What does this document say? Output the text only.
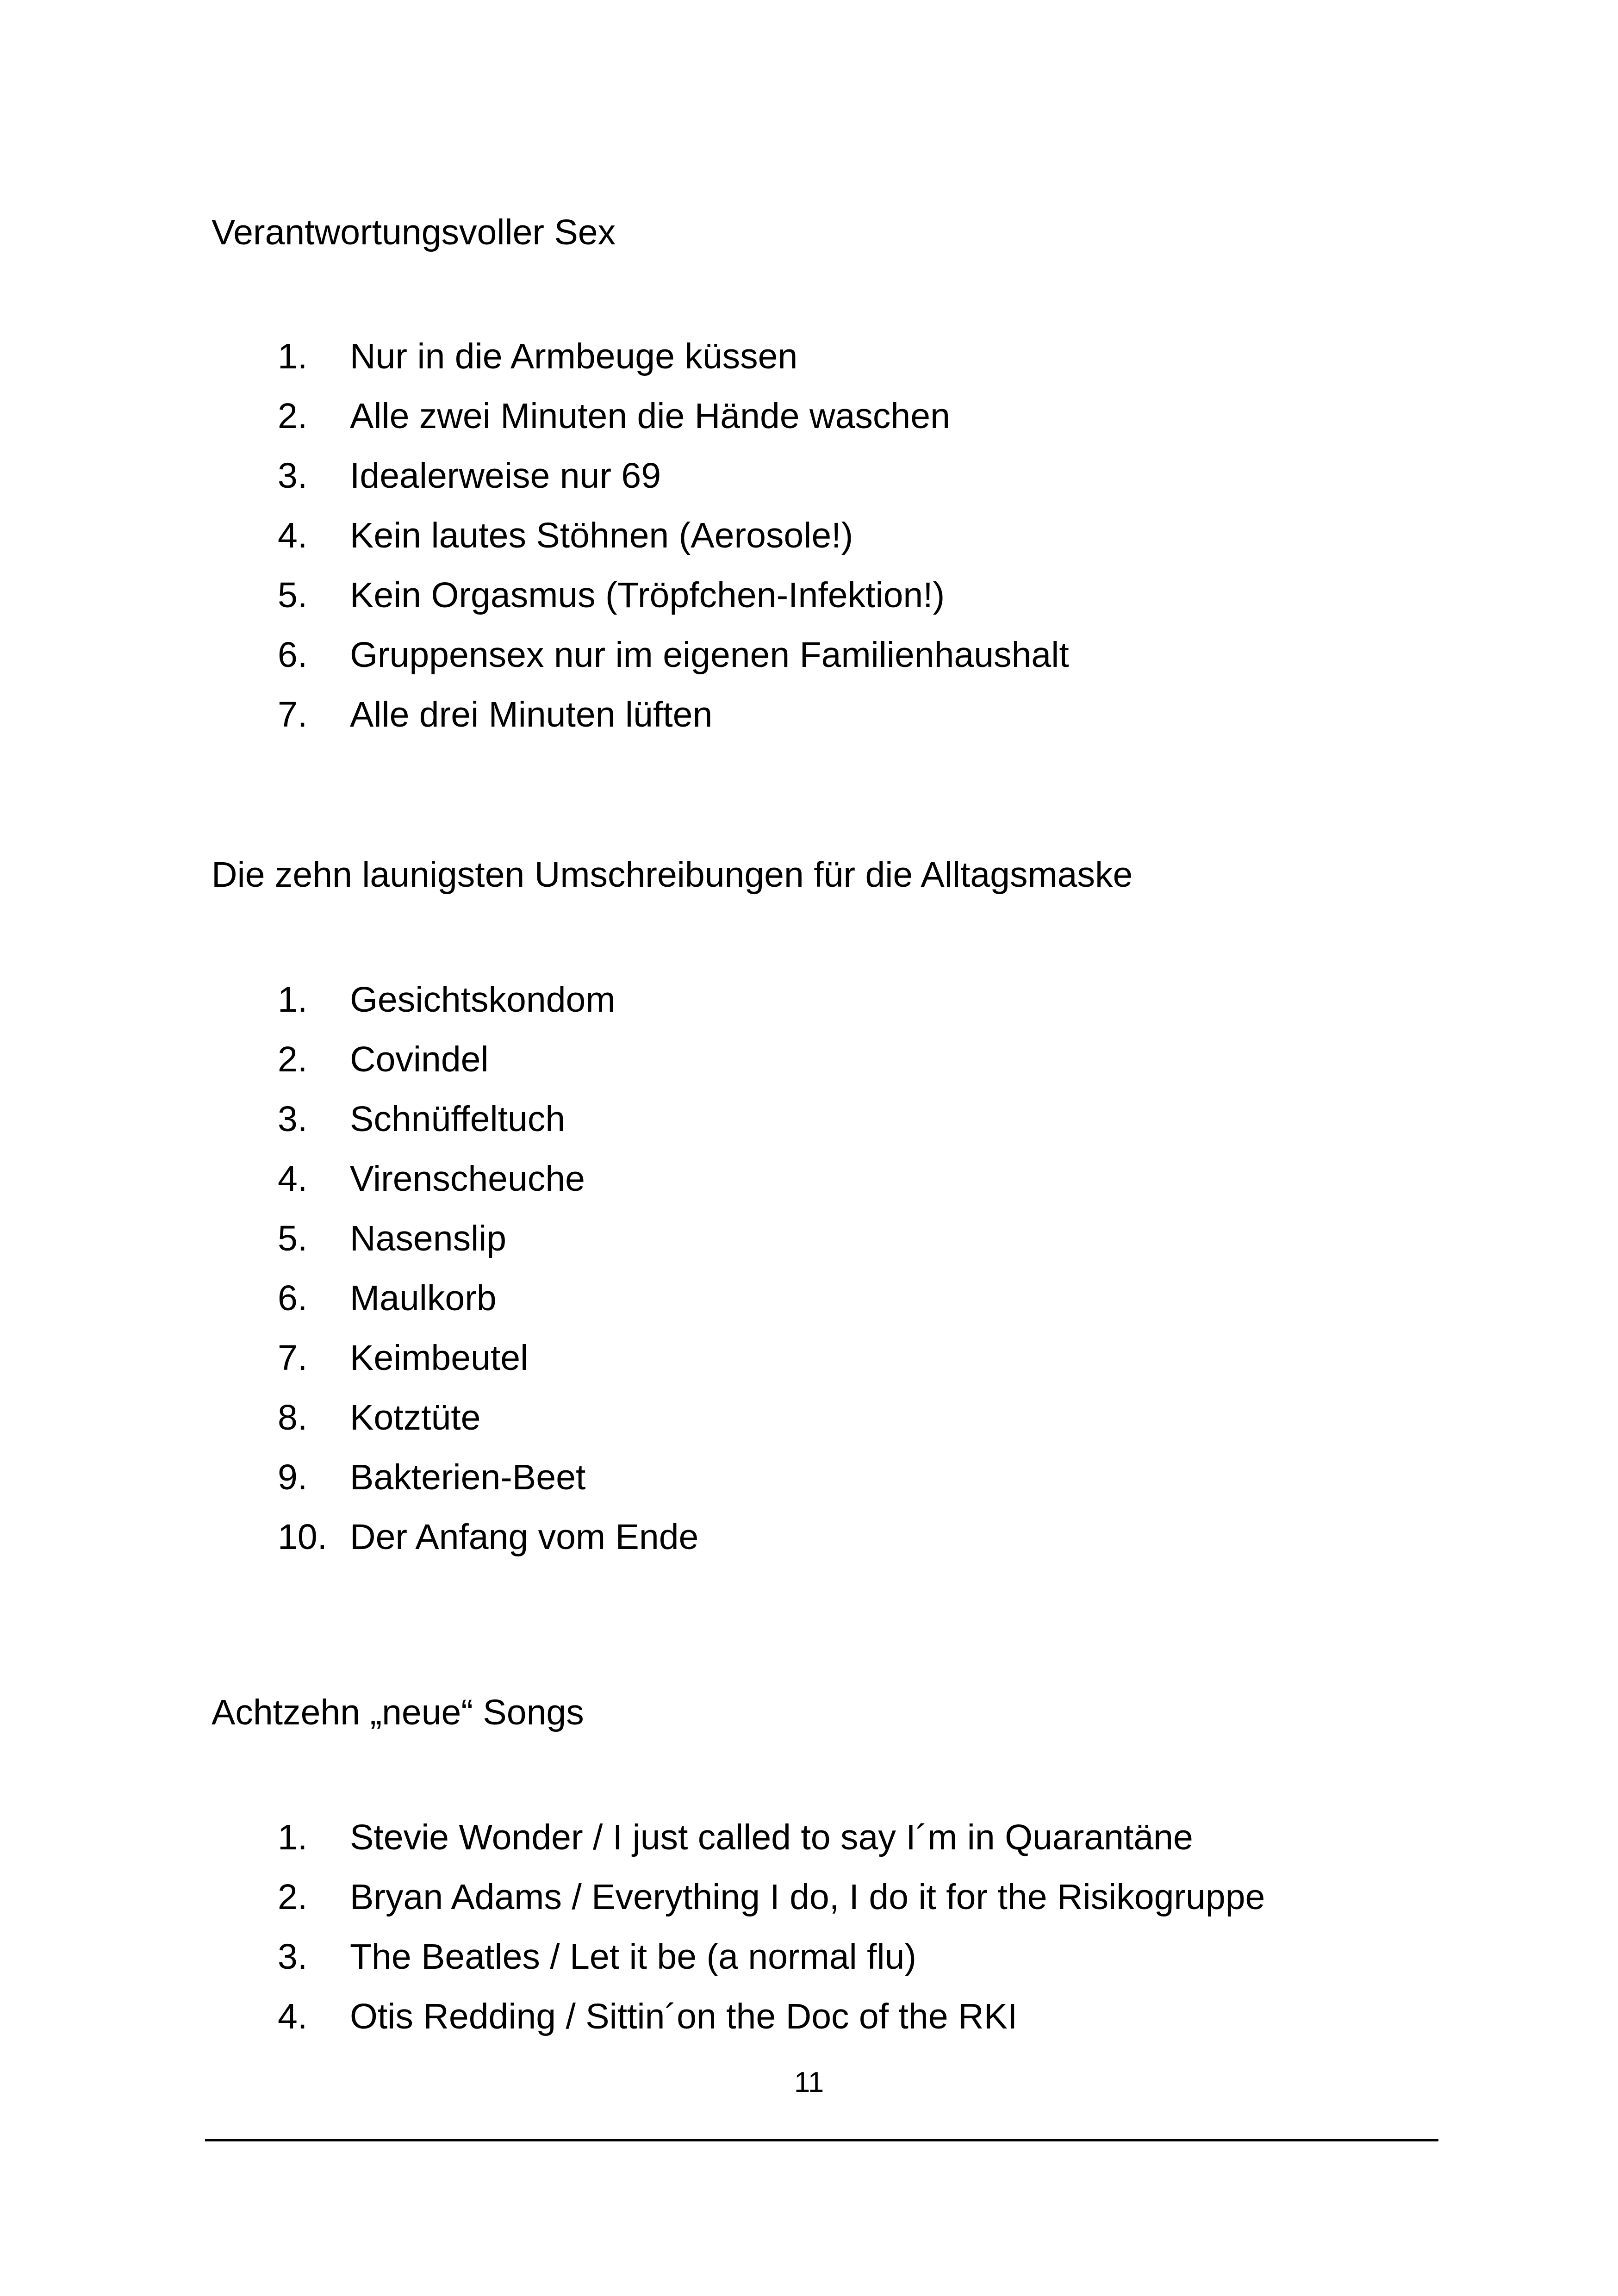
Verantwortungsvoller Sex
1. Nur in die Armbeuge küssen
2. Alle zwei Minuten die Hände waschen
3. Idealerweise nur 69
4. Kein lautes Stöhnen (Aerosole!)
5. Kein Orgasmus (Tröpfchen-Infektion!)
6. Gruppensex nur im eigenen Familienhaushalt
7. Alle drei Minuten lüften
Die zehn launigsten Umschreibungen für die Alltagsmaske
1. Gesichtskondom
2. Covindel
3. Schnüffeltuch
4. Virenscheuche
5. Nasenslip
6. Maulkorb
7. Keimbeutel
8. Kotztüte
9. Bakterien-Beet
10. Der Anfang vom Ende
Achtzehn „neue“ Songs
1. Stevie Wonder / I just called to say I´m in Quarantäne
2. Bryan Adams / Everything I do, I do it for the Risikogruppe
3. The Beatles / Let it be (a normal flu)
4. Otis Redding / Sittin´on the Doc of the RKI
11
